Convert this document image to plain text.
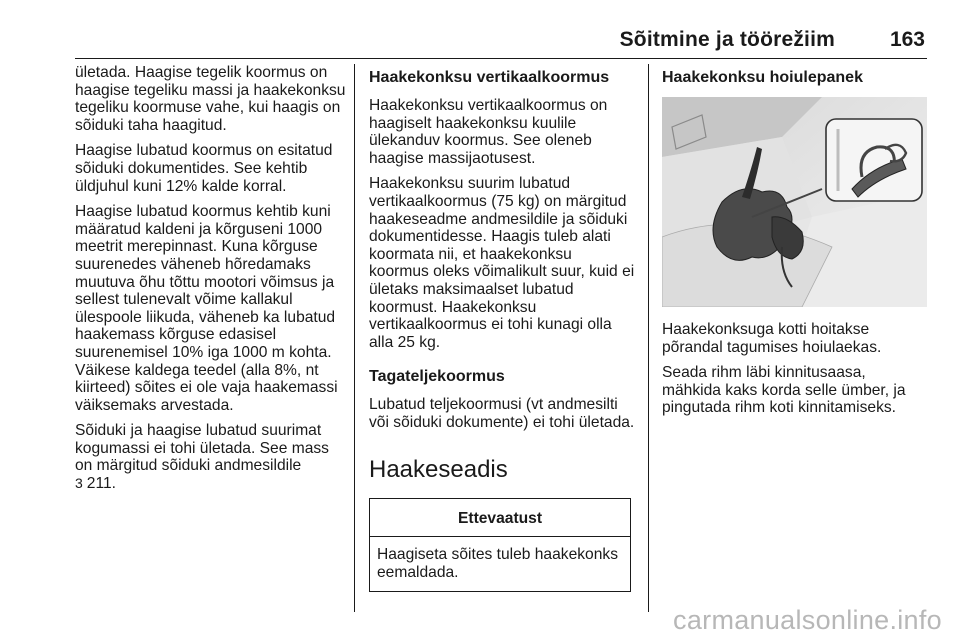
Sõitmine ja töörežiim	163

ületada. Haagise tegelik koormus on haagise tegeliku massi ja haakekonksu tegeliku koormuse vahe, kui haagis on sõiduki taha haagitud.

Haagise lubatud koormus on esitatud sõiduki dokumentides. See kehtib üldjuhul kuni 12% kalde korral.

Haagise lubatud koormus kehtib kuni määratud kaldeni ja kõrguseni 1000 meetrit merepinnast. Kuna kõrguse suurenedes väheneb hõredamaks muutuva õhu tõttu mootori võimsus ja sellest tulenevalt võime kallakul ülespoole liikuda, väheneb ka lubatud haakemass kõrguse edasisel suurenemisel 10% iga 1000 m kohta. Väikese kaldega teedel (alla 8%, nt kiirteed) sõites ei ole vaja haakemassi väiksemaks arvestada.

Sõiduki ja haagise lubatud suurimat kogumassi ei tohi ületada. See mass on märgitud sõiduki andmesildile
3 211.

Haakekonksu vertikaalkoormus

Haakekonksu vertikaalkoormus on haagiselt haakekonksu kuulile ülekanduv koormus. See oleneb haagise massijaotusest.

Haakekonksu suurim lubatud vertikaalkoormus (75 kg) on märgitud haakeseadme andmesildile ja sõiduki dokumentidesse. Haagis tuleb alati koormata nii, et haakekonksu koormus oleks võimalikult suur, kuid ei ületaks maksimaalset lubatud koormust. Haakekonksu vertikaalkoormus ei tohi kunagi olla alla 25 kg.

Tagateljekoormus

Lubatud teljekoormusi (vt andmesilti või sõiduki dokumente) ei tohi ületada.

Haakeseadis
Ettevaatust
Haagiseta sõites tuleb haakekonks eemaldada.
Haakekonksu hoiulepanek

Haakekonksuga kotti hoitakse põrandal tagumises hoiulaekas.

Seada rihm läbi kinnitusaasa, mähkida kaks korda selle ümber, ja pingutada rihm koti kinnitamiseks.

carmanualsonline.info
